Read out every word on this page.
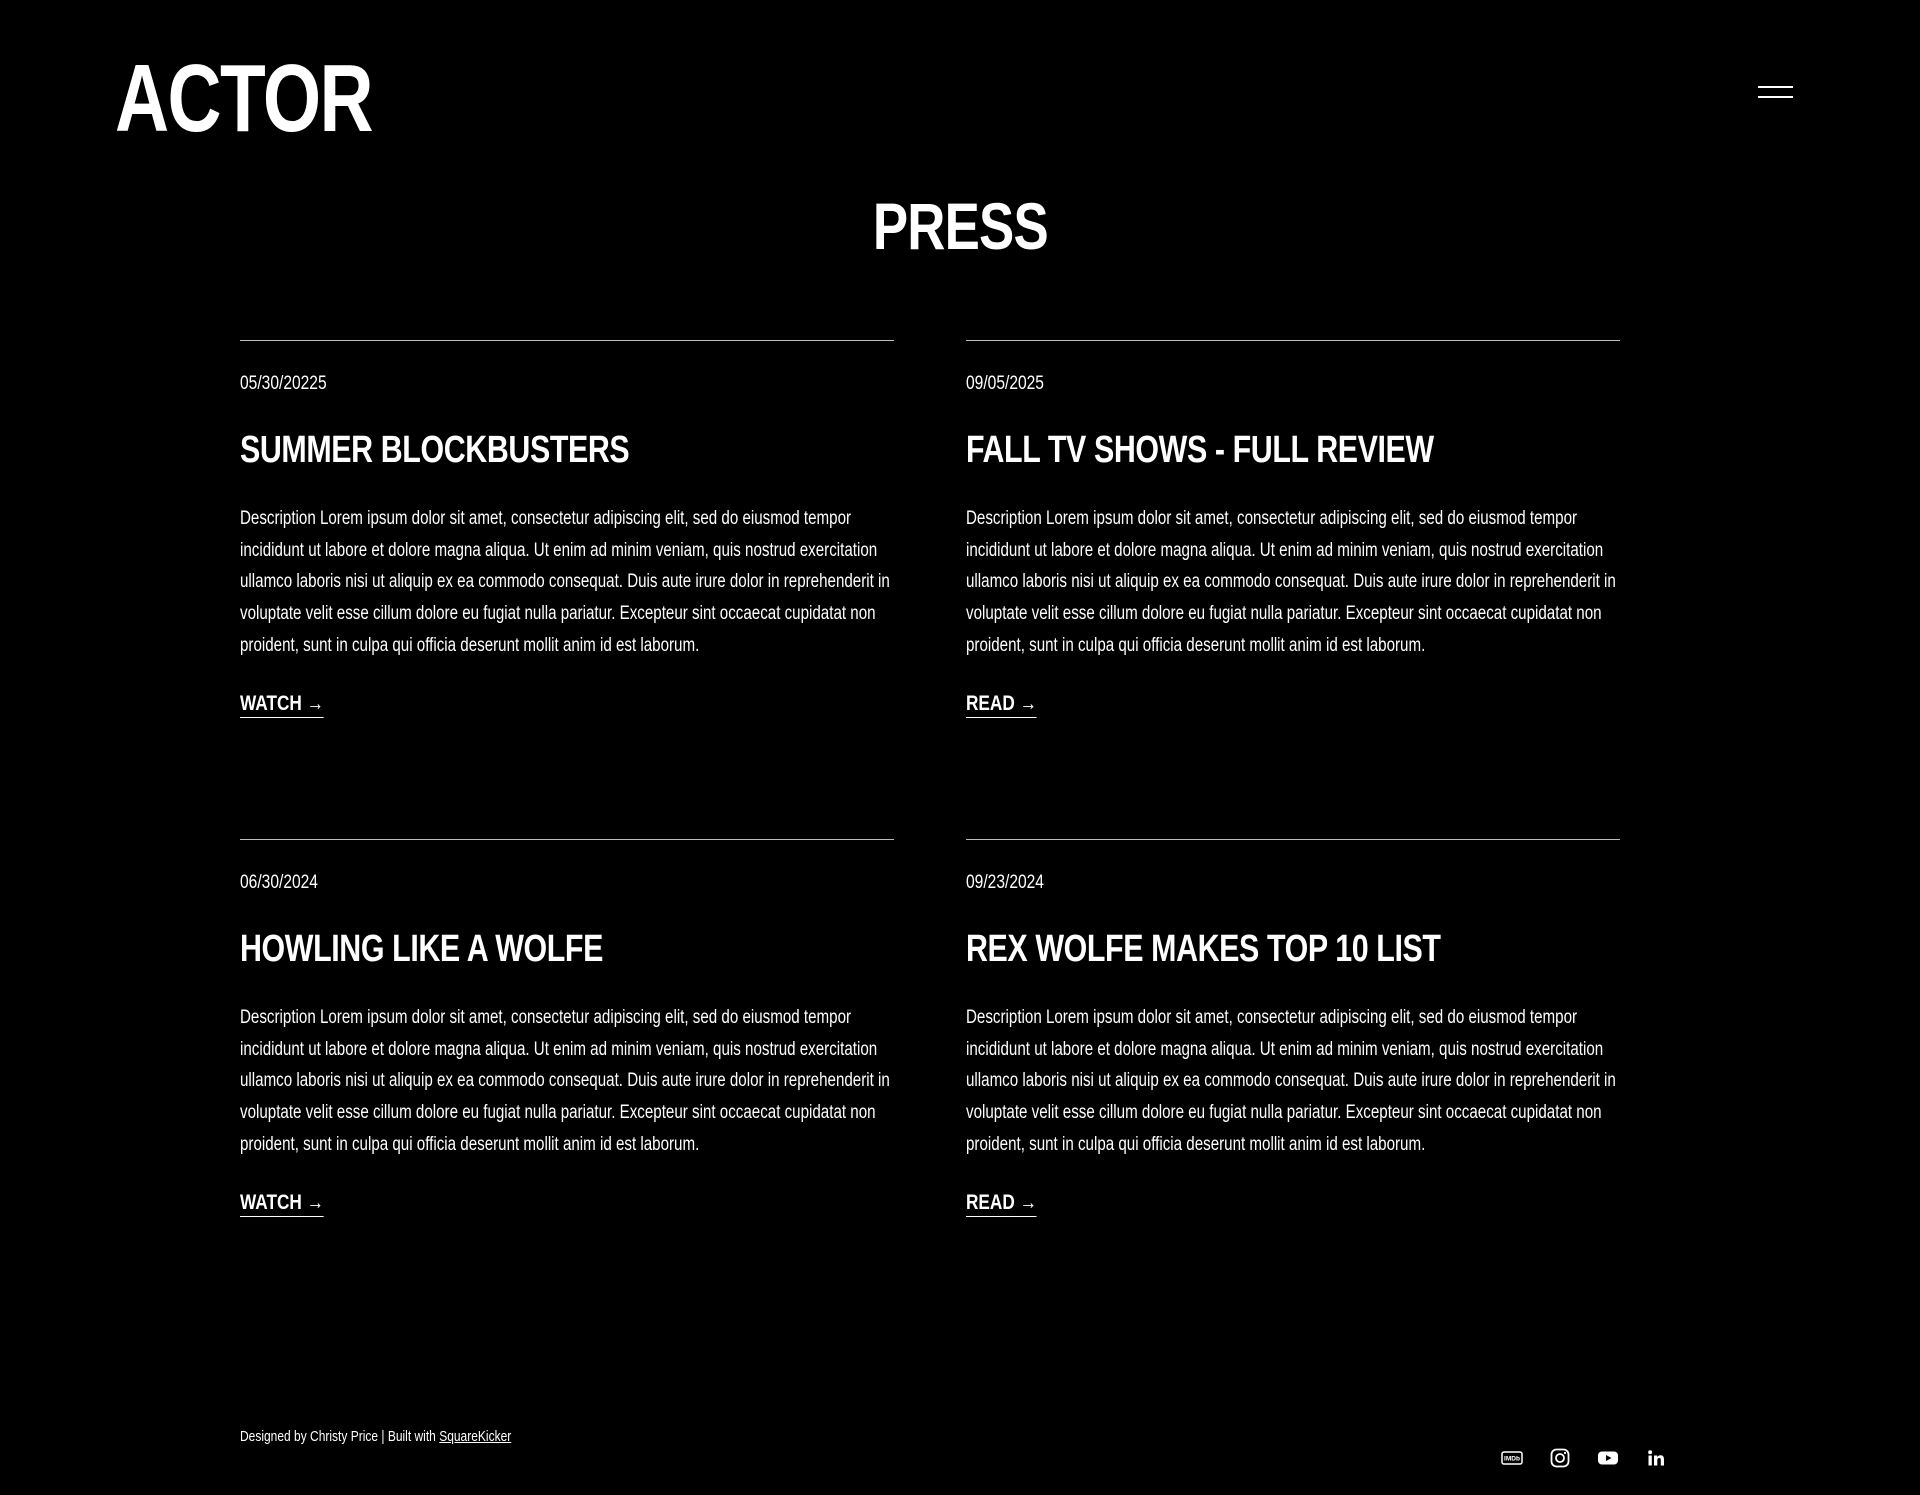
ACTOR
PRESS
05/30/20225
SUMMER BLOCKBUSTERS
Description Lorem ipsum dolor sit amet, consectetur adipiscing elit, sed do eiusmod tempor incididunt ut labore et dolore magna aliqua. Ut enim ad minim veniam, quis nostrud exercitation ullamco laboris nisi ut aliquip ex ea commodo consequat. Duis aute irure dolor in reprehenderit in voluptate velit esse cillum dolore eu fugiat nulla pariatur. Excepteur sint occaecat cupidatat non proident, sunt in culpa qui officia deserunt mollit anim id est laborum.
WATCH →
09/05/2025
FALL TV SHOWS - FULL REVIEW
Description Lorem ipsum dolor sit amet, consectetur adipiscing elit, sed do eiusmod tempor incididunt ut labore et dolore magna aliqua. Ut enim ad minim veniam, quis nostrud exercitation ullamco laboris nisi ut aliquip ex ea commodo consequat. Duis aute irure dolor in reprehenderit in voluptate velit esse cillum dolore eu fugiat nulla pariatur. Excepteur sint occaecat cupidatat non proident, sunt in culpa qui officia deserunt mollit anim id est laborum.
READ →
06/30/2024
HOWLING LIKE A WOLFE
Description Lorem ipsum dolor sit amet, consectetur adipiscing elit, sed do eiusmod tempor incididunt ut labore et dolore magna aliqua. Ut enim ad minim veniam, quis nostrud exercitation ullamco laboris nisi ut aliquip ex ea commodo consequat. Duis aute irure dolor in reprehenderit in voluptate velit esse cillum dolore eu fugiat nulla pariatur. Excepteur sint occaecat cupidatat non proident, sunt in culpa qui officia deserunt mollit anim id est laborum.
WATCH →
09/23/2024
REX WOLFE MAKES TOP 10 LIST
Description Lorem ipsum dolor sit amet, consectetur adipiscing elit, sed do eiusmod tempor incididunt ut labore et dolore magna aliqua. Ut enim ad minim veniam, quis nostrud exercitation ullamco laboris nisi ut aliquip ex ea commodo consequat. Duis aute irure dolor in reprehenderit in voluptate velit esse cillum dolore eu fugiat nulla pariatur. Excepteur sint occaecat cupidatat non proident, sunt in culpa qui officia deserunt mollit anim id est laborum.
READ →
Designed by Christy Price | Built with SquareKicker
IMDb
